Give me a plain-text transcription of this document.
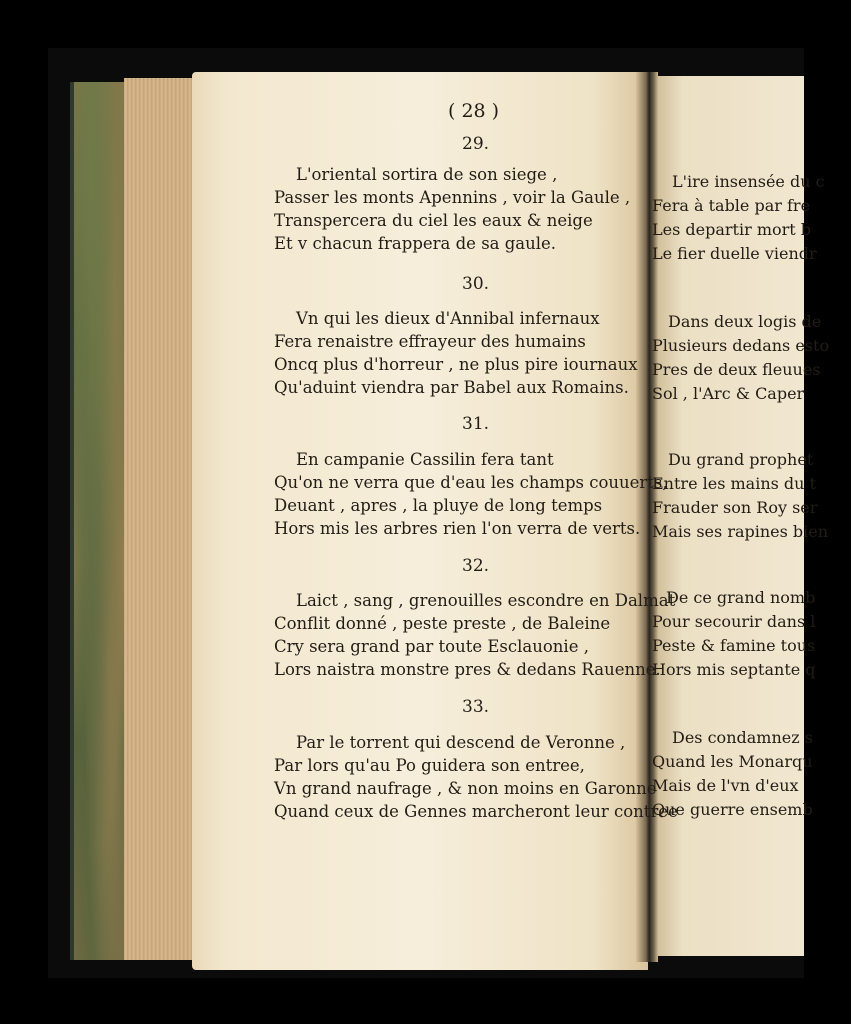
( 28 )
29.
L'oriental sortira de son siege ,
Passer les monts Apennins , voir la Gaule ,
Transpercera du ciel les eaux & neige
Et v chacun frappera de sa gaule.
30.
Vn qui les dieux d'Annibal infernaux
Fera renaistre effrayeur des humains
Oncq plus d'horreur , ne plus pire iournaux
Qu'aduint viendra par Babel aux Romains.
31.
En campanie Cassilin fera tant
Qu'on ne verra que d'eau les champs couuerts,
Deuant , apres , la pluye de long temps
Hors mis les arbres rien l'on verra de verts.
32.
Laict , sang , grenouilles escondre en Dalmat
Conflit donné , peste preste , de Baleine
Cry sera grand par toute Esclauonie ,
Lors naistra monstre pres & dedans Rauenne.
33.
Par le torrent qui descend de Veronne ,
Par lors qu'au Po guidera son entree,
Vn grand naufrage , & non moins en Garonne
Quand ceux de Gennes marcheront leur contree
L'ire insensée du c
Fera à table par fre
Les departir mort b
Le fier duelle viendr
Dans deux logis de
Plusieurs dedans esto
Pres de deux fleuues
Sol , l'Arc & Caper
Du grand prophet
Entre les mains du t
Frauder son Roy ser
Mais ses rapines bien
De ce grand nomb
Pour secourir dans l
Peste & famine tous
Hors mis septante q
Des condamnez s
Quand les Monarqu
Mais de l'vn d'eux
Que guerre ensemb
